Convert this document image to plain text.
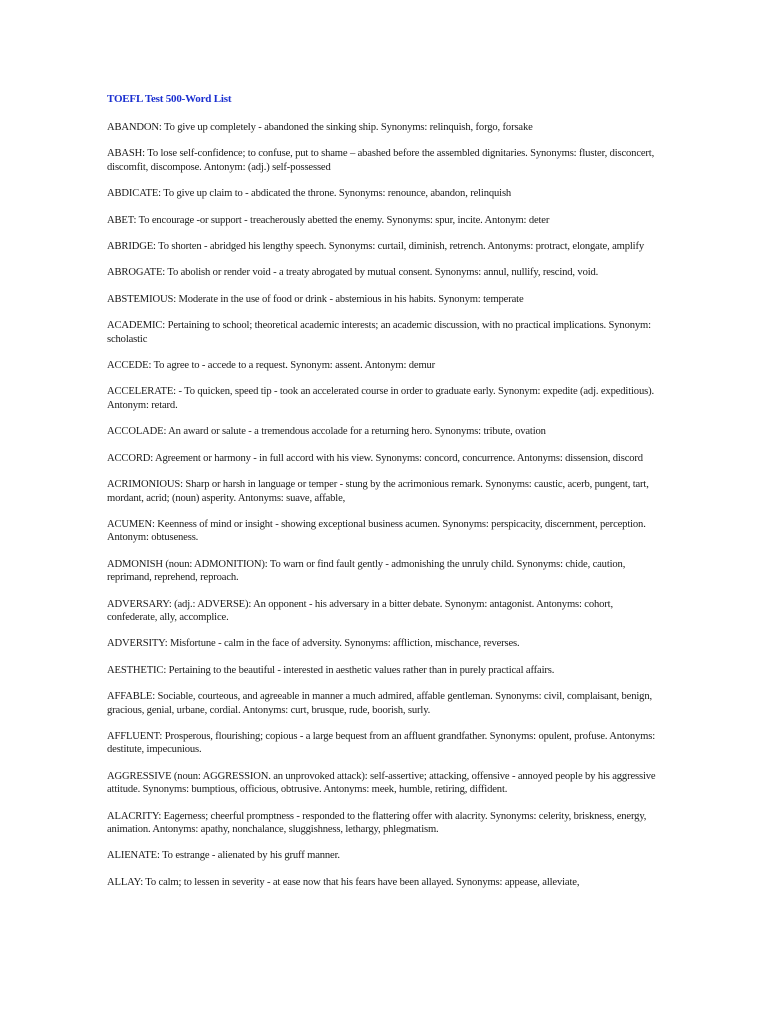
TOEFL Test 500-Word List

ABANDON: To give up completely - abandoned the sinking ship. Synonyms: relinquish, forgo, forsake

ABASH: To lose self-confidence; to confuse, put to shame – abashed before the assembled dignitaries. Synonyms: fluster, disconcert, discomfit, discompose. Antonym: (adj.) self-possessed

ABDICATE: To give up claim to - abdicated the throne. Synonyms: renounce, abandon, relinquish

ABET: To encourage -or support - treacherously abetted the enemy. Synonyms: spur, incite. Antonym: deter

ABRIDGE: To shorten - abridged his lengthy speech. Synonyms: curtail, diminish, retrench. Antonyms: protract, elongate, amplify

ABROGATE: To abolish or render void - a treaty abrogated by mutual consent. Synonyms: annul, nullify, rescind, void.

ABSTEMIOUS: Moderate in the use of food or drink - abstemious in his habits. Synonym: temperate

ACADEMIC: Pertaining to school; theoretical academic interests; an academic discussion, with no practical implications. Synonym: scholastic

ACCEDE: To agree to - accede to a request. Synonym: assent. Antonym: demur

ACCELERATE: - To quicken, speed tip - took an accelerated course in order to graduate early. Synonym: expedite (adj. expeditious). Antonym: retard.

ACCOLADE: An award or salute - a tremendous accolade for a returning hero. Synonyms: tribute, ovation

ACCORD: Agreement or harmony - in full accord with his view. Synonyms: concord, concurrence. Antonyms: dissension, discord

ACRIMONIOUS: Sharp or harsh in language or temper - stung by the acrimonious remark. Synonyms: caustic, acerb, pungent, tart, mordant, acrid; (noun) asperity. Antonyms: suave, affable,

ACUMEN: Keenness of mind or insight - showing exceptional business acumen. Synonyms: perspicacity, discernment, perception. Antonym: obtuseness.

ADMONISH (noun: ADMONITION): To warn or find fault gently - admonishing the unruly child. Synonyms: chide, caution, reprimand, reprehend, reproach.

ADVERSARY: (adj.: ADVERSE): An opponent - his adversary in a bitter debate. Synonym: antagonist. Antonyms: cohort, confederate, ally, accomplice.

ADVERSITY: Misfortune - calm in the face of adversity. Synonyms: affliction, mischance, reverses.

AESTHETIC: Pertaining to the beautiful - interested in aesthetic values rather than in purely practical affairs.

AFFABLE: Sociable, courteous, and agreeable in manner a much admired, affable gentleman. Synonyms: civil, complaisant, benign, gracious, genial, urbane, cordial. Antonyms: curt, brusque, rude, boorish, surly.

AFFLUENT: Prosperous, flourishing; copious - a large bequest from an affluent grandfather. Synonyms: opulent, profuse. Antonyms: destitute, impecunious.

AGGRESSIVE (noun: AGGRESSION. an unprovoked attack): self-assertive; attacking, offensive - annoyed people by his aggressive attitude. Synonyms: bumptious, officious, obtrusive. Antonyms: meek, humble, retiring, diffident.

ALACRITY: Eagerness; cheerful promptness - responded to the flattering offer with alacrity. Synonyms: celerity, briskness, energy, animation. Antonyms: apathy, nonchalance, sluggishness, lethargy, phlegmatism.

ALIENATE: To estrange - alienated by his gruff manner.

ALLAY: To calm; to lessen in severity - at ease now that his fears have been allayed. Synonyms: appease, alleviate,
